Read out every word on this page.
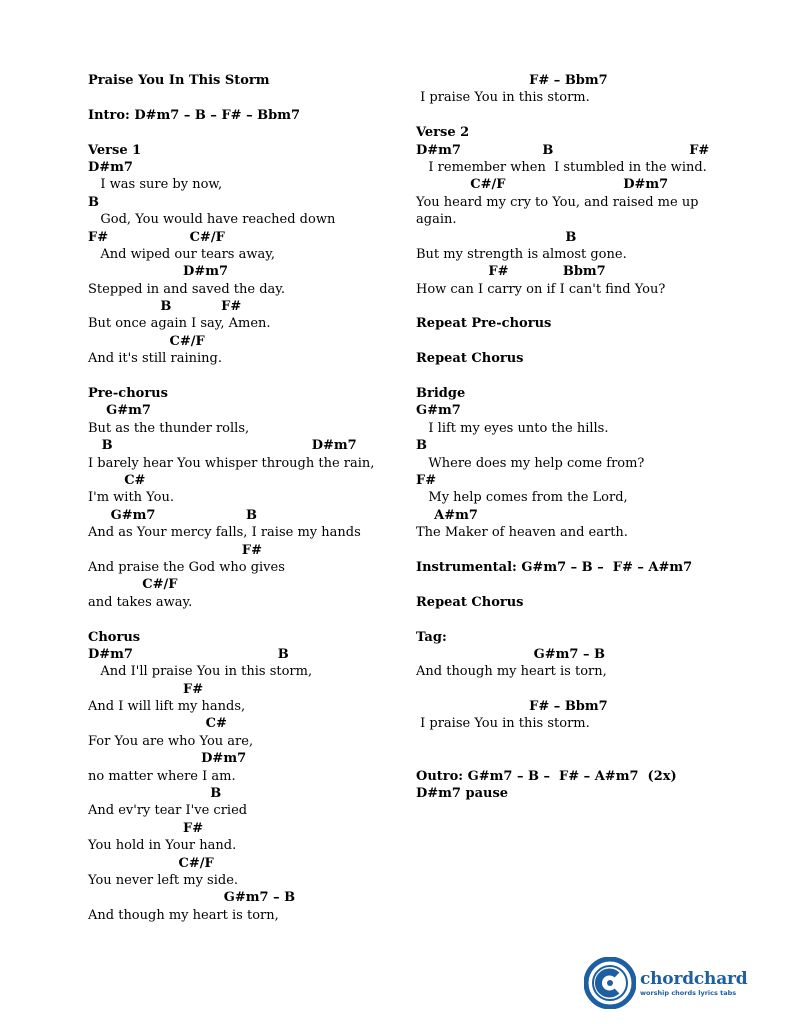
Praise You In This Storm
Intro: D#m7 – B – F# – Bbm7
Verse 1
D#m7
I was sure by now,
B
God, You would have reached down
F#                  C#/F
And wiped our tears away,
D#m7
Stepped in and saved the day.
B           F#
But once again I say, Amen.
C#/F
And it's still raining.
Pre-chorus
G#m7
But as the thunder rolls,
B                                            D#m7
I barely hear You whisper through the rain,
C#
I'm with You.
G#m7                    B
And as Your mercy falls, I raise my hands
F#
And praise the God who gives
C#/F
and takes away.
Chorus
D#m7                                B
And I'll praise You in this storm,
F#
And I will lift my hands,
C#
For You are who You are,
D#m7
no matter where I am.
B
And ev'ry tear I've cried
F#
You hold in Your hand.
C#/F
You never left my side.
G#m7 – B
And though my heart is torn,
F# – Bbm7
I praise You in this storm.
Verse 2
D#m7                  B                              F#
I remember when  I stumbled in the wind.
C#/F                          D#m7
You heard my cry to You, and raised me up
again.
B
But my strength is almost gone.
F#            Bbm7
How can I carry on if I can't find You?
Repeat Pre-chorus
Repeat Chorus
Bridge
G#m7
I lift my eyes unto the hills.
B
Where does my help come from?
F#
My help comes from the Lord,
A#m7
The Maker of heaven and earth.
Instrumental: G#m7 – B –  F# – A#m7
Repeat Chorus
Tag:
G#m7 – B
And though my heart is torn,
F# – Bbm7
I praise You in this storm.
Outro: G#m7 – B –  F# – A#m7  (2x)
D#m7 pause
chordchard
worship chords lyrics tabs
